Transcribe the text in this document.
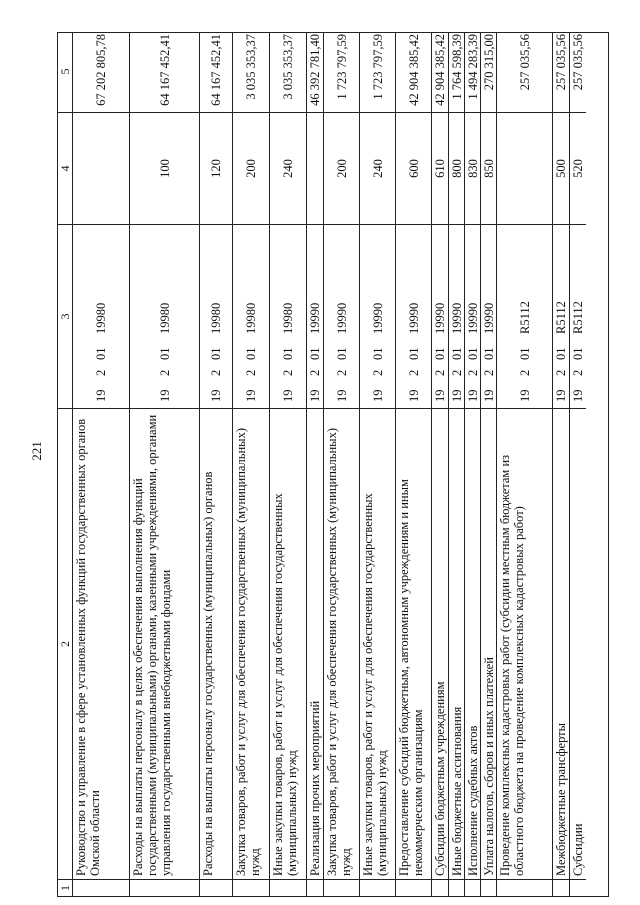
221
1
2
3
4
5
Руководство и управление в сфере установленных функций государственных органов Омской области
19
2
01
19980
67 202 805,78
Расходы на выплаты персоналу в целях обеспечения выполнения функций государственными (муниципальными) органами, казенными учреждениями, органами управления государственными внебюджетными фондами
19
2
01
19980
100
64 167 452,41
Расходы на выплаты персоналу государственных (муниципальных) органов
19
2
01
19980
120
64 167 452,41
Закупка товаров, работ и услуг для обеспечения государственных (муниципальных) нужд
19
2
01
19980
200
3 035 353,37
Иные закупки товаров, работ и услуг для обеспечения государственных (муниципальных) нужд
19
2
01
19980
240
3 035 353,37
Реализация прочих мероприятий
19
2
01
19990
46 392 781,40
Закупка товаров, работ и услуг для обеспечения государственных (муниципальных) нужд
19
2
01
19990
200
1 723 797,59
Иные закупки товаров, работ и услуг для обеспечения государственных (муниципальных) нужд
19
2
01
19990
240
1 723 797,59
Предоставление субсидий бюджетным, автономным учреждениям и иным некоммерческим организациям
19
2
01
19990
600
42 904 385,42
Субсидии бюджетным учреждениям
19
2
01
19990
610
42 904 385,42
Иные бюджетные ассигнования
19
2
01
19990
800
1 764 598,39
Исполнение судебных актов
19
2
01
19990
830
1 494 283,39
Уплата налогов, сборов и иных платежей
19
2
01
19990
850
270 315,00
Проведение комплексных кадастровых работ (субсидии местным бюджетам из областного бюджета на проведение комплексных кадастровых работ)
19
2
01
R5112
257 035,56
Межбюджетные трансферты
19
2
01
R5112
500
257 035,56
Субсидии
19
2
01
R5112
520
257 035,56
